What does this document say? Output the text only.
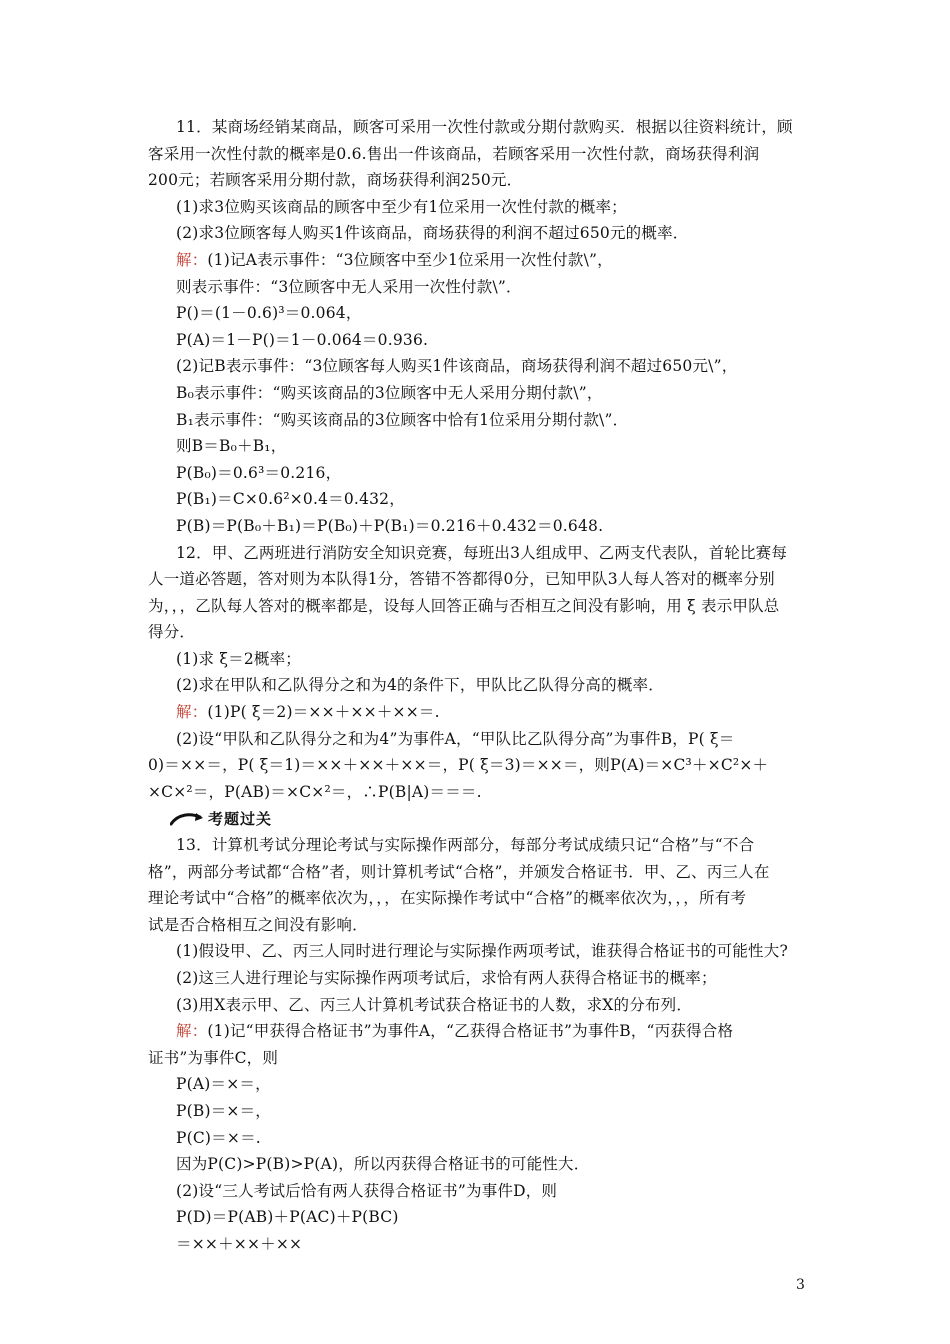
11．某商场经销某商品，顾客可采用一次性付款或分期付款购买．根据以往资料统计，顾
客采用一次性付款的概率是0.6.售出一件该商品，若顾客采用一次性付款，商场获得利润
200元；若顾客采用分期付款，商场获得利润250元．
(1)求3位购买该商品的顾客中至少有1位采用一次性付款的概率；
(2)求3位顾客每人购买1件该商品，商场获得的利润不超过650元的概率．
解：(1)记A表示事件：“3位顾客中至少1位采用一次性付款\”，
则表示事件：“3位顾客中无人采用一次性付款\”．
P()＝(1－0.6)³＝0.064，
P(A)＝1－P()＝1－0.064＝0.936.
(2)记B表示事件：“3位顾客每人购买1件该商品，商场获得利润不超过650元\”，
B₀表示事件：“购买该商品的3位顾客中无人采用分期付款\”，
B₁表示事件：“购买该商品的3位顾客中恰有1位采用分期付款\”．
则B＝B₀＋B₁，
P(B₀)＝0.6³＝0.216，
P(B₁)＝C×0.6²×0.4＝0.432，
P(B)＝P(B₀＋B₁)＝P(B₀)＋P(B₁)＝0.216＋0.432＝0.648.
12．甲、乙两班进行消防安全知识竞赛，每班出3人组成甲、乙两支代表队，首轮比赛每
人一道必答题，答对则为本队得1分，答错不答都得0分，已知甲队3人每人答对的概率分别
为，，，乙队每人答对的概率都是，设每人回答正确与否相互之间没有影响，用 ξ 表示甲队总
得分．
(1)求 ξ＝2概率；
(2)求在甲队和乙队得分之和为4的条件下，甲队比乙队得分高的概率．
解：(1)P( ξ＝2)＝××＋××＋××＝.
(2)设“甲队和乙队得分之和为4”为事件A，“甲队比乙队得分高”为事件B，P( ξ＝
0)＝××＝，P( ξ＝1)＝××＋××＋××＝，P( ξ＝3)＝××＝，则P(A)＝×C³＋×C²×＋
×C×²＝，P(AB)＝×C×²＝，∴P(B|A)＝＝＝.
考题过关
13．计算机考试分理论考试与实际操作两部分，每部分考试成绩只记“合格”与“不合
格”，两部分考试都“合格”者，则计算机考试“合格”，并颁发合格证书．甲、乙、丙三人在
理论考试中“合格”的概率依次为，，，在实际操作考试中“合格”的概率依次为，，，所有考
试是否合格相互之间没有影响．
(1)假设甲、乙、丙三人同时进行理论与实际操作两项考试，谁获得合格证书的可能性大?
(2)这三人进行理论与实际操作两项考试后，求恰有两人获得合格证书的概率；
(3)用X表示甲、乙、丙三人计算机考试获合格证书的人数，求X的分布列．
解：(1)记“甲获得合格证书”为事件A，“乙获得合格证书”为事件B，“丙获得合格
证书”为事件C，则
P(A)＝×＝，
P(B)＝×＝，
P(C)＝×＝.
因为P(C)>P(B)>P(A)，所以丙获得合格证书的可能性大．
(2)设“三人考试后恰有两人获得合格证书”为事件D，则
P(D)＝P(AB)＋P(AC)＋P(BC)
＝××＋××＋××
3
